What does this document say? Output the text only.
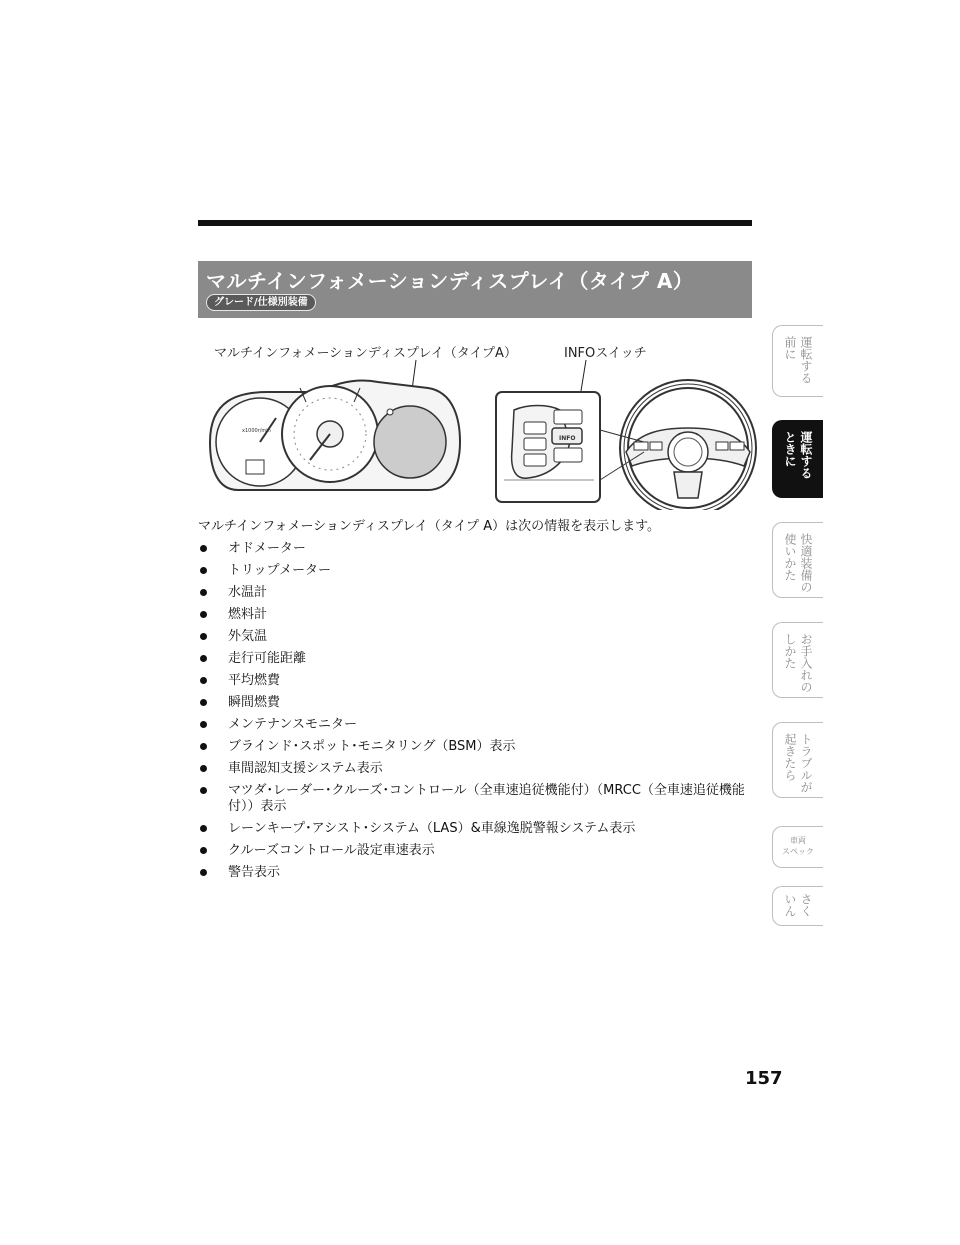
マルチインフォメーションディスプレイ（タイプ A）
グレード/仕様別装備
マルチインフォメーションディスプレイ（タイプA）	INFOスイッチ
x1000r/min
INFO
マルチインフォメーションディスプレイ（タイプ A）は次の情報を表示します。
オドメーター
トリップメーター
水温計
燃料計
外気温
走行可能距離
平均燃費
瞬間燃費
メンテナンスモニター
ブラインド･スポット･モニタリング（BSM）表示
車間認知支援システム表示
マツダ･レーダー･クルーズ･コントロール（全車速追従機能付）（MRCC（全車速追従機能付））表示
レーンキープ･アシスト･システム（LAS）&車線逸脱警報システム表示
クルーズコントロール設定車速表示
警告表示
運転する
前に
運転する
ときに
快適装備の
使いかた
お手入れの
しかた
トラブルが
起きたら
車両
スペック
さく
いん
157
